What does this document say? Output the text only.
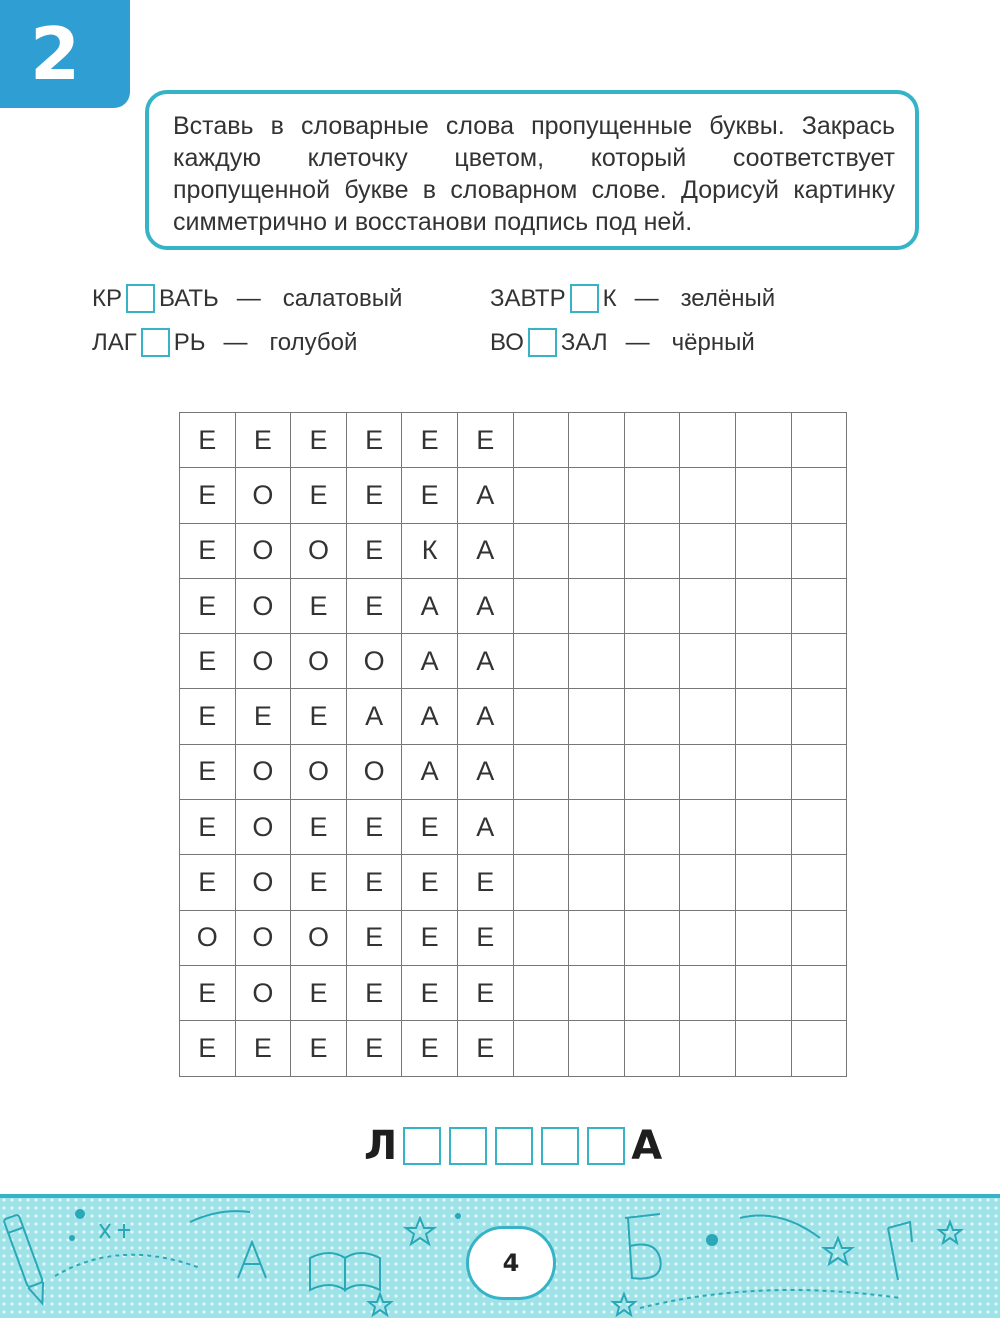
2

Вставь в словарные слова пропущенные буквы. Закрась каждую клеточку цветом, который соответствует пропущенной букве в словарном слове. Дорисуй картинку симметрично и восстанови подпись под ней.

КР ВАТЬ — салатовый	ЗАВТР К — зелёный
ЛАГ РЬ — голубой	ВО ЗАЛ — чёрный
Е	Е	Е	Е	Е	Е						
Е	О	Е	Е	Е	А						
Е	О	О	Е	К	А						
Е	О	Е	Е	А	А						
Е	О	О	О	А	А						
Е	Е	Е	А	А	А						
Е	О	О	О	А	А						
Е	О	Е	Е	Е	А						
Е	О	Е	Е	Е	Е						
О	О	О	Е	Е	Е						
Е	О	Е	Е	Е	Е						
Е	Е	Е	Е	Е	Е						
Л	А
4
